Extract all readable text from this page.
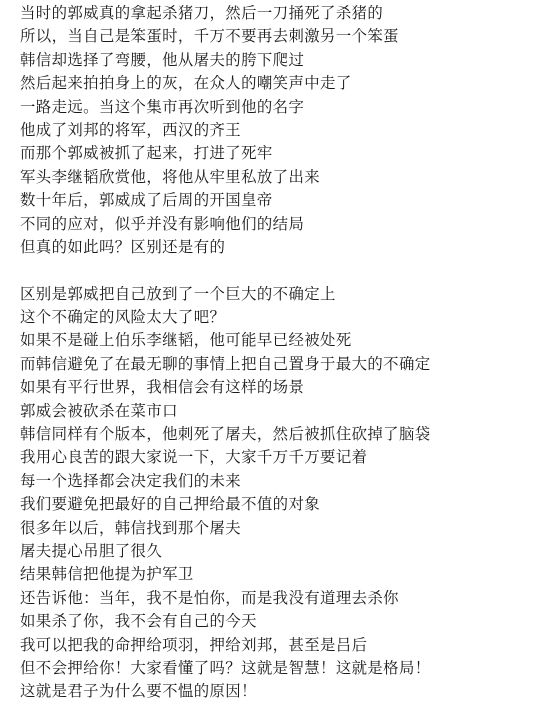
当时的郭威真的拿起杀猪刀，然后一刀捅死了杀猪的
所以，当自己是笨蛋时，千万不要再去刺激另一个笨蛋
韩信却选择了弯腰，他从屠夫的胯下爬过
然后起来拍拍身上的灰，在众人的嘲笑声中走了
一路走远。当这个集市再次听到他的名字
他成了刘邦的将军，西汉的齐王
而那个郭威被抓了起来，打进了死牢
军头李继韬欣赏他，将他从牢里私放了出来
数十年后，郭威成了后周的开国皇帝
不同的应对，似乎并没有影响他们的结局
但真的如此吗？区别还是有的
区别是郭威把自己放到了一个巨大的不确定上
这个不确定的风险太大了吧？
如果不是碰上伯乐李继韬，他可能早已经被处死
而韩信避免了在最无聊的事情上把自己置身于最大的不确定
如果有平行世界，我相信会有这样的场景
郭威会被砍杀在菜市口
韩信同样有个版本，他刺死了屠夫，然后被抓住砍掉了脑袋
我用心良苦的跟大家说一下，大家千万千万要记着
每一个选择都会决定我们的未来
我们要避免把最好的自己押给最不值的对象
很多年以后，韩信找到那个屠夫
屠夫提心吊胆了很久
结果韩信把他提为护军卫
还告诉他：当年，我不是怕你，而是我没有道理去杀你
如果杀了你，我不会有自己的今天
我可以把我的命押给项羽，押给刘邦，甚至是吕后
但不会押给你！大家看懂了吗？这就是智慧！这就是格局！
这就是君子为什么要不愠的原因！
